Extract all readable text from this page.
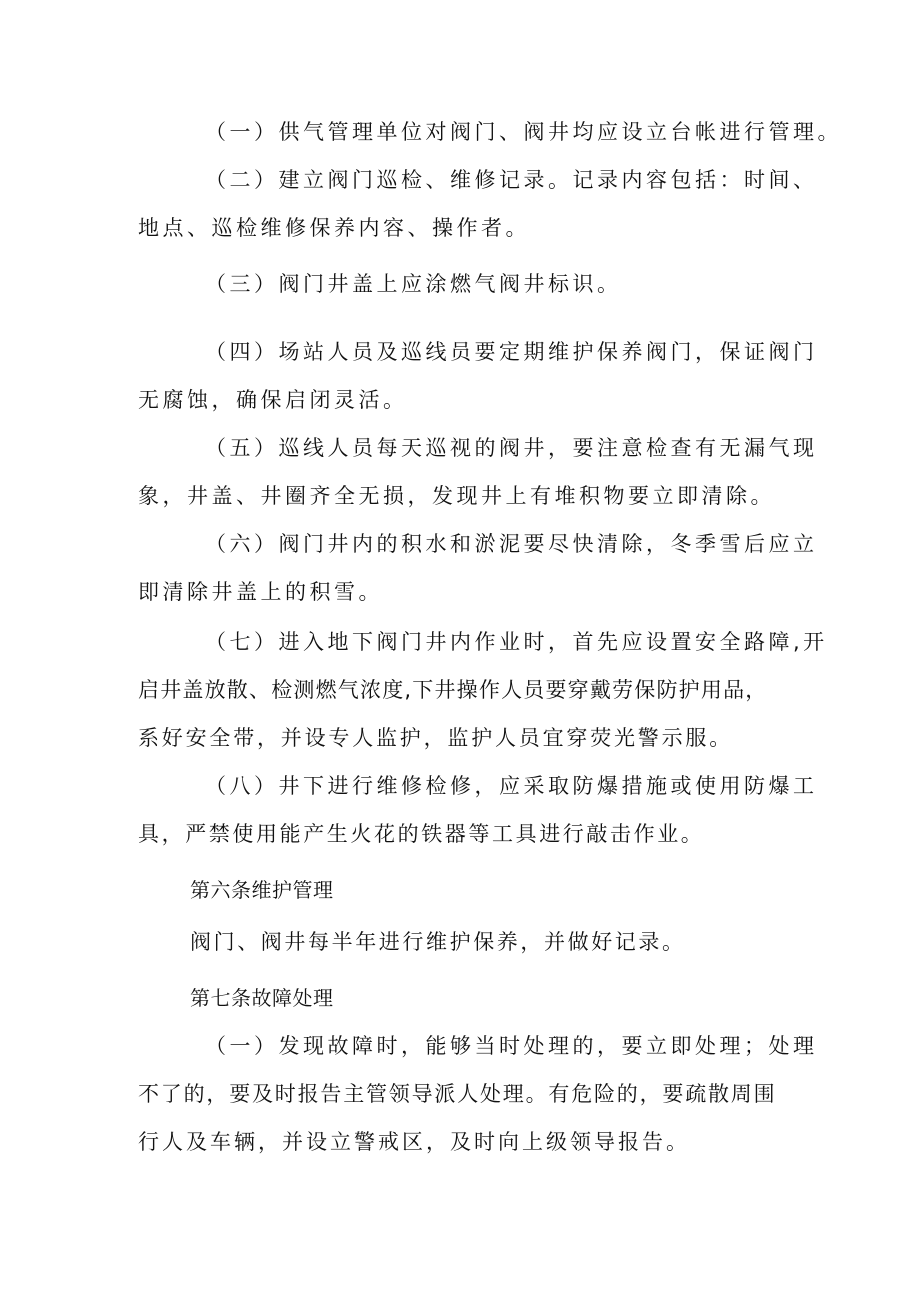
（一）供气管理单位对阀门、阀井均应设立台帐进行管理。
（二）建立阀门巡检、维修记录。记录内容包括：时间、
地点、巡检维修保养内容、操作者。
（三）阀门井盖上应涂燃气阀井标识。
（四）场站人员及巡线员要定期维护保养阀门，保证阀门
无腐蚀，确保启闭灵活。
（五）巡线人员每天巡视的阀井，要注意检查有无漏气现
象，井盖、井圈齐全无损，发现井上有堆积物要立即清除。
（六）阀门井内的积水和淤泥要尽快清除，冬季雪后应立
即清除井盖上的积雪。
（七）进入地下阀门井内作业时，首先应设置安全路障,开
启井盖放散、检测燃气浓度,下井操作人员要穿戴劳保防护用品，
系好安全带，并设专人监护，监护人员宜穿荧光警示服。
（八）井下进行维修检修，应采取防爆措施或使用防爆工
具，严禁使用能产生火花的铁器等工具进行敲击作业。
第六条维护管理
阀门、阀井每半年进行维护保养，并做好记录。
第七条故障处理
（一）发现故障时，能够当时处理的，要立即处理；处理
不了的，要及时报告主管领导派人处理。有危险的，要疏散周围
行人及车辆，并设立警戒区，及时向上级领导报告。
